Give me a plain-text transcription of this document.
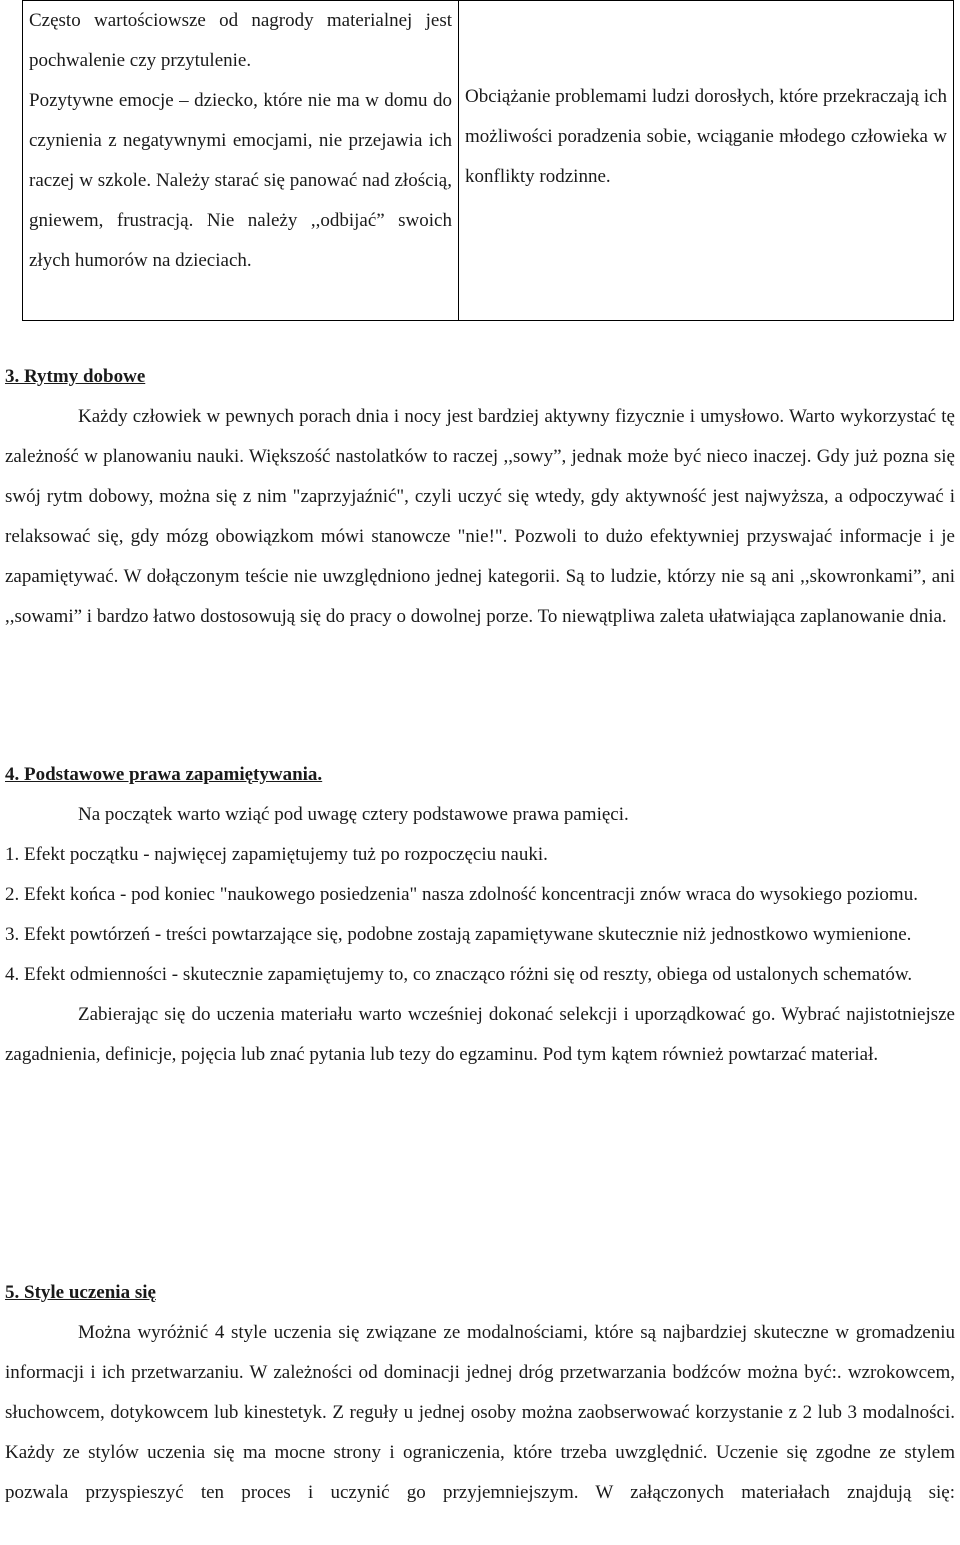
Często wartościowsze od nagrody materialnej jest pochwalenie czy przytulenie.

Pozytywne emocje – dziecko, które nie ma w domu do czynienia z negatywnymi emocjami, nie przejawia ich raczej w szkole. Należy starać się panować nad złością, gniewem, frustracją. Nie należy ,,odbijać” swoich złych humorów na dzieciach.

Obciążanie problemami ludzi dorosłych, które przekraczają ich możliwości poradzenia sobie, wciąganie młodego człowieka w konflikty rodzinne.

3. Rytmy dobowe

Każdy człowiek w pewnych porach dnia i nocy jest bardziej aktywny fizycznie i umysłowo. Warto wykorzystać tę zależność w planowaniu nauki. Większość nastolatków to raczej ,,sowy”, jednak może być nieco inaczej. Gdy już pozna się swój rytm dobowy, można się z nim "zaprzyjaźnić", czyli uczyć się wtedy, gdy aktywność jest najwyższa, a odpoczywać i relaksować się, gdy mózg obowiązkom mówi stanowcze "nie!". Pozwoli to dużo efektywniej przyswajać informacje i je zapamiętywać. W dołączonym teście nie uwzględniono jednej kategorii. Są to ludzie, którzy nie są ani ,,skowronkami”, ani ,,sowami” i bardzo łatwo dostosowują się do pracy o dowolnej porze. To niewątpliwa zaleta ułatwiająca zaplanowanie dnia.

4. Podstawowe prawa zapamiętywania.

Na początek warto wziąć pod uwagę cztery podstawowe prawa pamięci.

1. Efekt początku - najwięcej zapamiętujemy tuż po rozpoczęciu nauki.

2. Efekt końca - pod koniec "naukowego posiedzenia" nasza zdolność koncentracji znów wraca do wysokiego poziomu.

3. Efekt powtórzeń - treści powtarzające się, podobne zostają zapamiętywane skutecznie niż jednostkowo wymienione.

4. Efekt odmienności - skutecznie zapamiętujemy to, co znacząco różni się od reszty, obiega od ustalonych schematów.

Zabierając się do uczenia materiału warto wcześniej dokonać selekcji i uporządkować go. Wybrać najistotniejsze zagadnienia, definicje, pojęcia lub znać pytania lub tezy do egzaminu. Pod tym kątem również powtarzać materiał.

5. Style uczenia się

Można wyróżnić 4 style uczenia się związane ze modalnościami, które są najbardziej skuteczne w gromadzeniu informacji i ich przetwarzaniu. W zależności od dominacji jednej dróg przetwarzania bodźców można być:. wzrokowcem, słuchowcem, dotykowcem lub kinestetyk. Z reguły u jednej osoby można zaobserwować korzystanie z 2 lub 3 modalności. Każdy ze stylów uczenia się ma mocne strony i ograniczenia, które trzeba uwzględnić. Uczenie się zgodne ze stylem pozwala przyspieszyć ten proces i uczynić go przyjemniejszym. W załączonych materiałach znajdują się:
